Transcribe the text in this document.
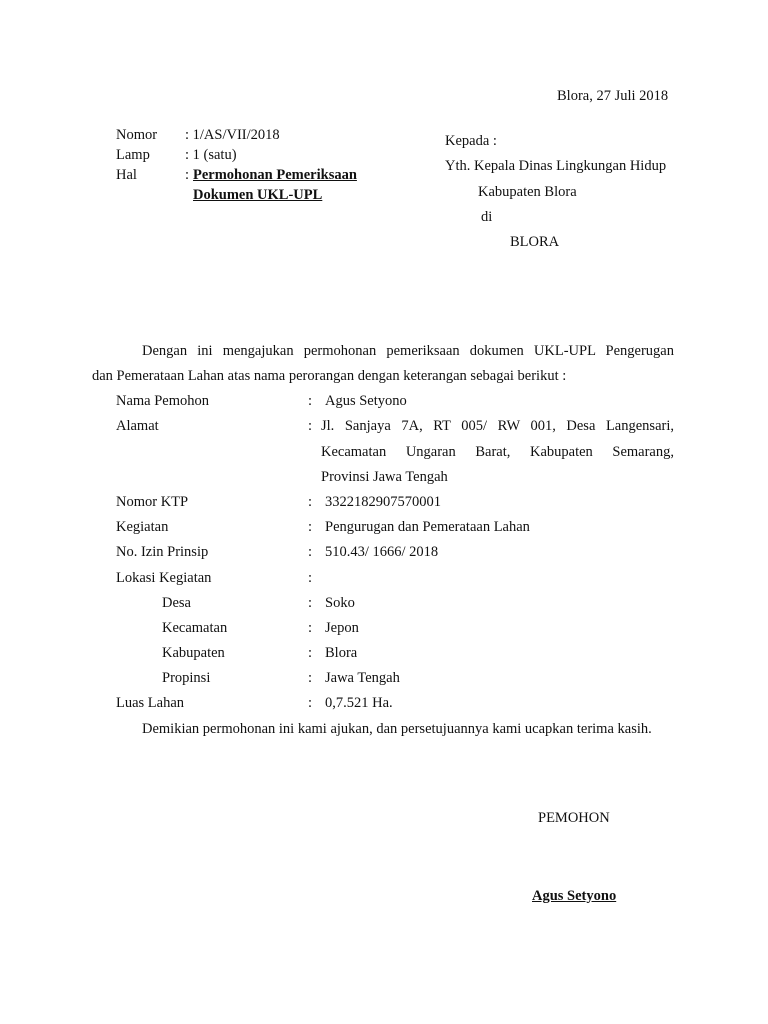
Blora, 27 Juli 2018
Nomor : 1/AS/VII/2018
Lamp : 1 (satu)
Hal	: Permohonan Pemeriksaan
Dokumen UKL-UPL
Kepada :
Yth. Kepala Dinas Lingkungan Hidup
Kabupaten Blora
di
BLORA
Dengan ini mengajukan permohonan pemeriksaan dokumen UKL-UPL Pengerugan
dan Pemerataan Lahan atas nama perorangan dengan keterangan sebagai berikut :
Nama Pemohon	: Agus Setyono
Alamat	: Jl. Sanjaya 7A, RT 005/ RW 001, Desa Langensari,
Kecamatan Ungaran Barat, Kabupaten Semarang,
Provinsi Jawa Tengah
Nomor KTP	: 3322182907570001
Kegiatan	: Pengurugan dan Pemerataan Lahan
No. Izin Prinsip	: 510.43/ 1666/ 2018
Lokasi Kegiatan	:
Desa	: Soko
Kecamatan	: Jepon
Kabupaten	: Blora
Propinsi	: Jawa Tengah
Luas Lahan	: 0,7.521 Ha.
Demikian permohonan ini kami ajukan, dan persetujuannya kami ucapkan terima kasih.
PEMOHON
Agus Setyono
